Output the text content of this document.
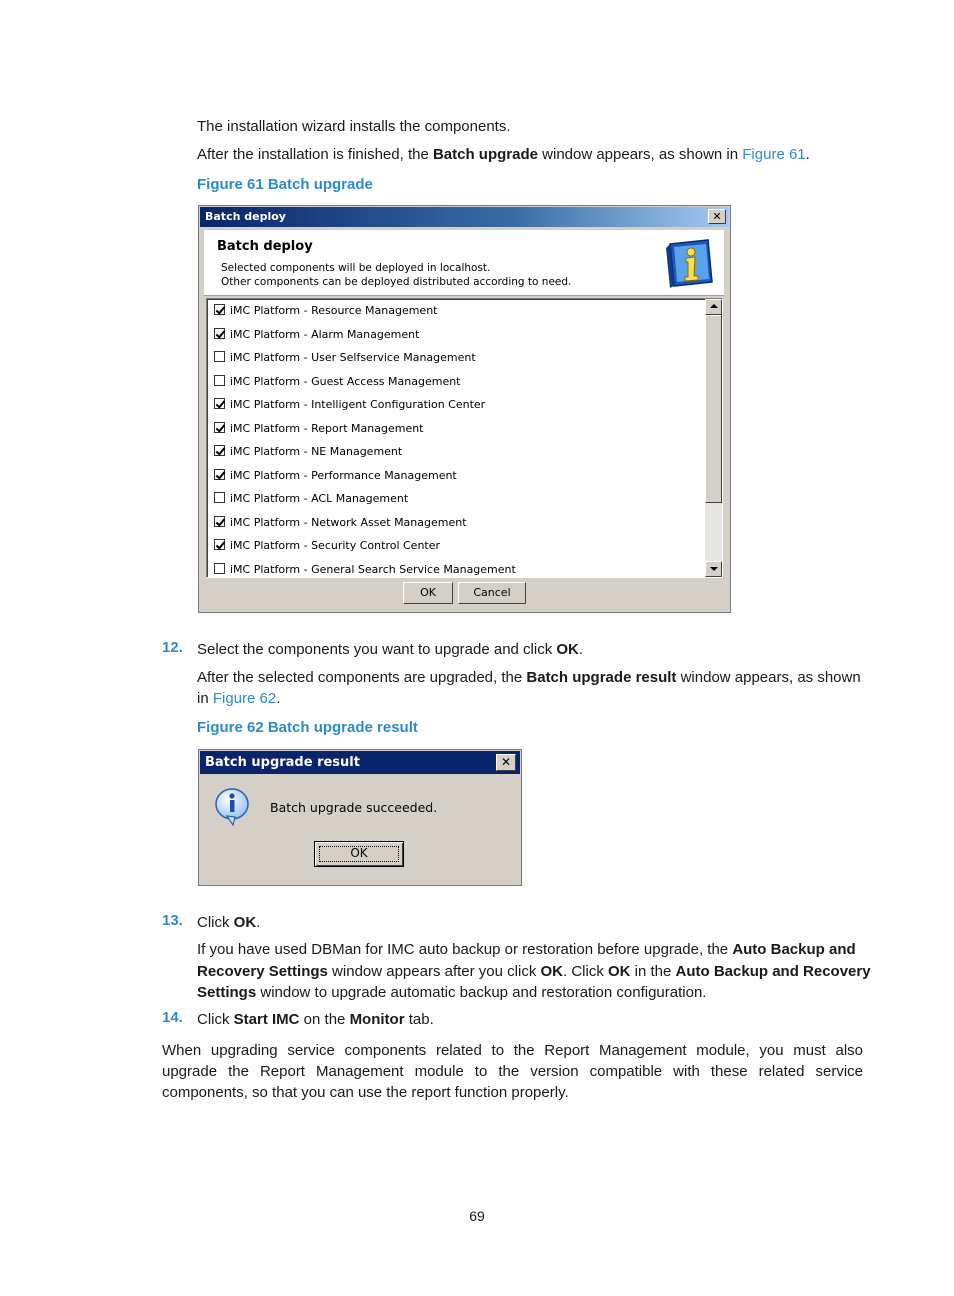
The installation wizard installs the components.

After the installation is finished, the Batch upgrade window appears, as shown in Figure 61.

Figure 61 Batch upgrade
Batch deploy	✕
Batch deploy
Selected components will be deployed in localhost.
Other components can be deployed distributed according to need.
iMC Platform - Resource Management
iMC Platform - Alarm Management
iMC Platform - User Selfservice Management
iMC Platform - Guest Access Management
iMC Platform - Intelligent Configuration Center
iMC Platform - Report Management
iMC Platform - NE Management
iMC Platform - Performance Management
iMC Platform - ACL Management
iMC Platform - Network Asset Management
iMC Platform - Security Control Center
iMC Platform - General Search Service Management
OK	Cancel
12. Select the components you want to upgrade and click OK.

After the selected components are upgraded, the Batch upgrade result window appears, as shown

in Figure 62.

Figure 62 Batch upgrade result
Batch upgrade result	✕
Batch upgrade succeeded.
OK
13. Click OK.

If you have used DBMan for IMC auto backup or restoration before upgrade, the Auto Backup and

Recovery Settings window appears after you click OK. Click OK in the Auto Backup and Recovery

Settings window to upgrade automatic backup and restoration configuration.

14. Click Start IMC on the Monitor tab.

When upgrading service components related to the Report Management module, you must also

upgrade the Report Management module to the version compatible with these related service

components, so that you can use the report function properly.

69
